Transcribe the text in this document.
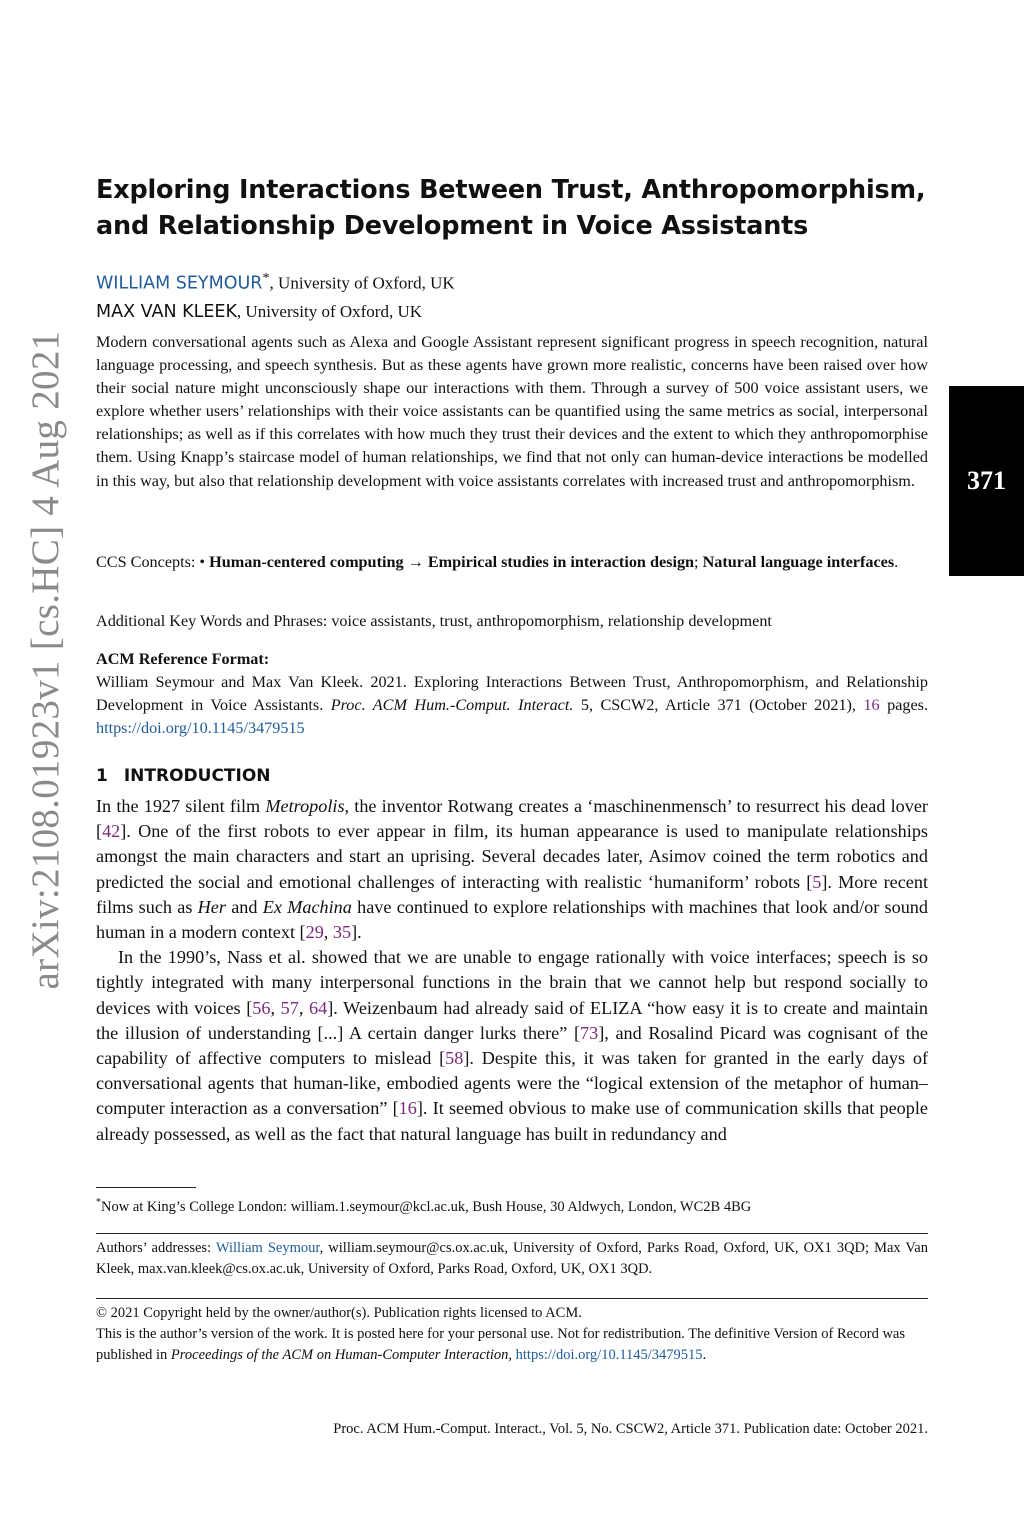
arXiv:2108.01923v1 [cs.HC] 4 Aug 2021	371
Exploring Interactions Between Trust, Anthropomorphism,
and Relationship Development in Voice Assistants
WILLIAM SEYMOUR*, University of Oxford, UK
MAX VAN KLEEK, University of Oxford, UK
Modern conversational agents such as Alexa and Google Assistant represent significant progress in speech recognition, natural language processing, and speech synthesis. But as these agents have grown more realistic, concerns have been raised over how their social nature might unconsciously shape our interactions with them. Through a survey of 500 voice assistant users, we explore whether users’ relationships with their voice assistants can be quantified using the same metrics as social, interpersonal relationships; as well as if this correlates with how much they trust their devices and the extent to which they anthropomorphise them. Using Knapp’s staircase model of human relationships, we find that not only can human-device interactions be modelled in this way, but also that relationship development with voice assistants correlates with increased trust and anthropomorphism.
CCS Concepts: • Human-centered computing → Empirical studies in interaction design; Natural language interfaces.
Additional Key Words and Phrases: voice assistants, trust, anthropomorphism, relationship development
ACM Reference Format:
William Seymour and Max Van Kleek. 2021. Exploring Interactions Between Trust, Anthropomorphism, and Relationship Development in Voice Assistants. Proc. ACM Hum.-Comput. Interact. 5, CSCW2, Article 371 (October 2021), 16 pages. https://doi.org/10.1145/3479515
1 INTRODUCTION

In the 1927 silent film Metropolis, the inventor Rotwang creates a ‘maschinenmensch’ to resurrect his dead lover [42]. One of the first robots to ever appear in film, its human appearance is used to manipulate relationships amongst the main characters and start an uprising. Several decades later, Asimov coined the term robotics and predicted the social and emotional challenges of interacting with realistic ‘humaniform’ robots [5]. More recent films such as Her and Ex Machina have continued to explore relationships with machines that look and/or sound human in a modern context [29, 35].

In the 1990’s, Nass et al. showed that we are unable to engage rationally with voice interfaces; speech is so tightly integrated with many interpersonal functions in the brain that we cannot help but respond socially to devices with voices [56, 57, 64]. Weizenbaum had already said of ELIZA “how easy it is to create and maintain the illusion of understanding [...] A certain danger lurks there” [73], and Rosalind Picard was cognisant of the capability of affective computers to mislead [58]. Despite this, it was taken for granted in the early days of conversational agents that human-like, embodied agents were the “logical extension of the metaphor of human–computer interaction as a conversation” [16]. It seemed obvious to make use of communication skills that people already possessed, as well as the fact that natural language has built in redundancy and

*Now at King’s College London: william.1.seymour@kcl.ac.uk, Bush House, 30 Aldwych, London, WC2B 4BG
Authors’ addresses: William Seymour, william.seymour@cs.ox.ac.uk, University of Oxford, Parks Road, Oxford, UK, OX1 3QD; Max Van Kleek, max.van.kleek@cs.ox.ac.uk, University of Oxford, Parks Road, Oxford, UK, OX1 3QD.
© 2021 Copyright held by the owner/author(s). Publication rights licensed to ACM.
This is the author’s version of the work. It is posted here for your personal use. Not for redistribution. The definitive Version of Record was published in Proceedings of the ACM on Human-Computer Interaction, https://doi.org/10.1145/3479515.
Proc. ACM Hum.-Comput. Interact., Vol. 5, No. CSCW2, Article 371. Publication date: October 2021.
